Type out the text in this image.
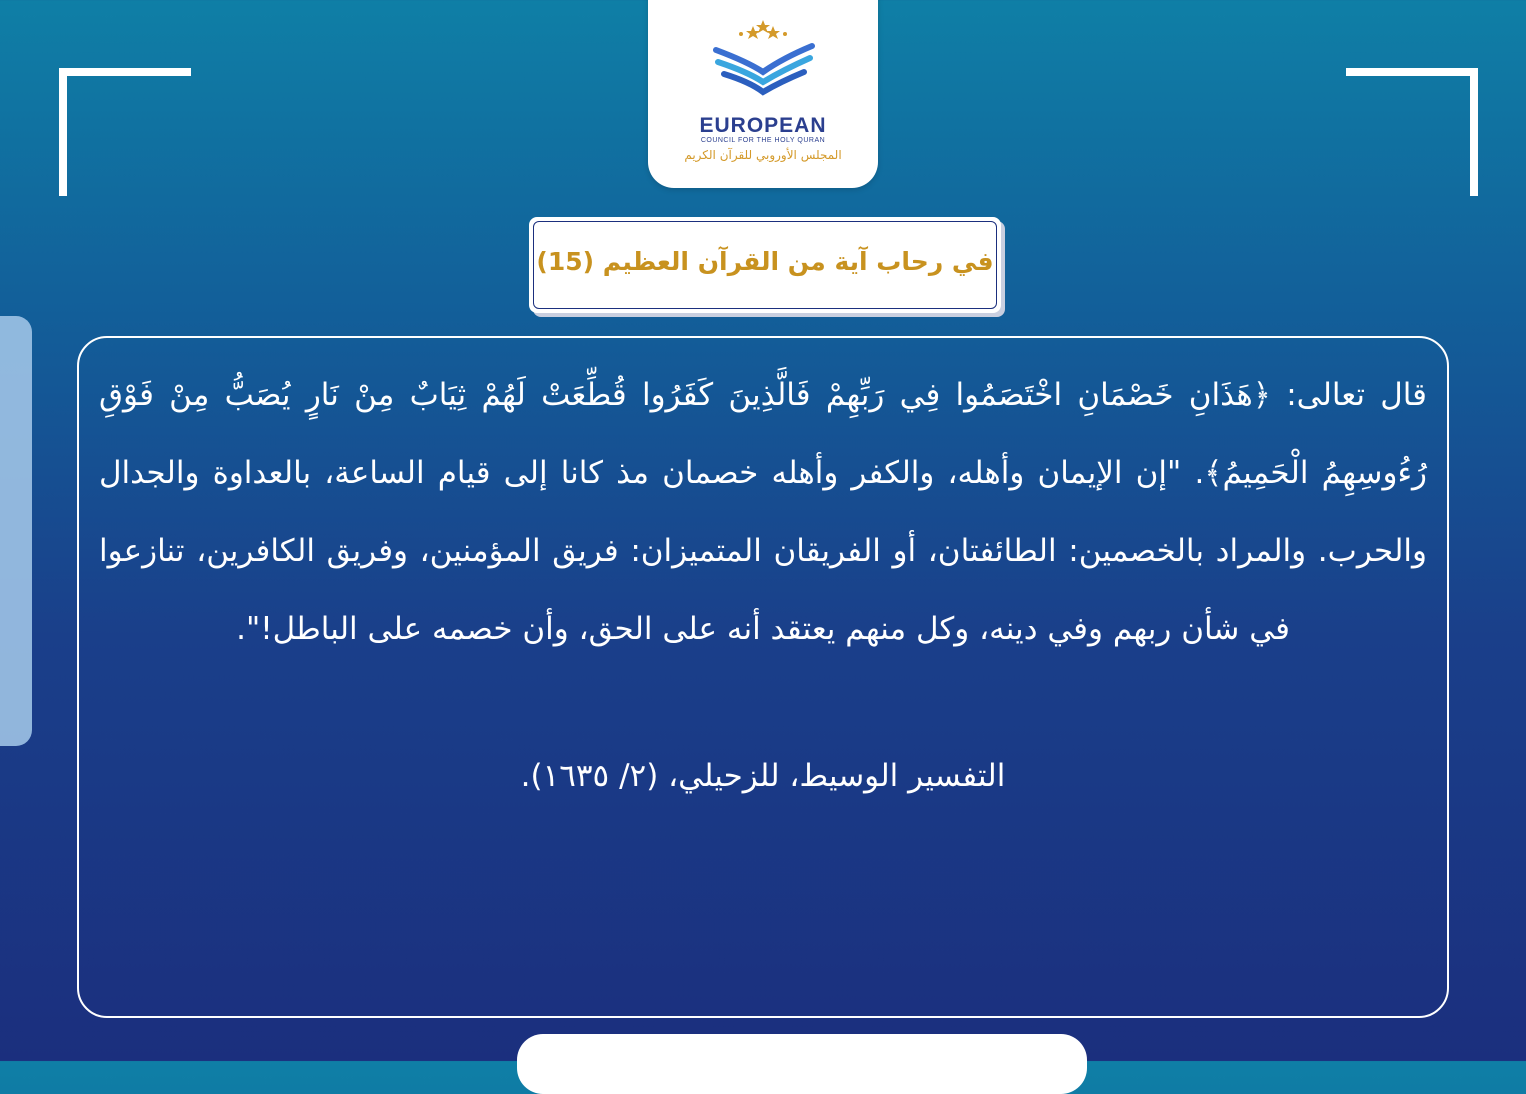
EUROPEAN
COUNCIL FOR THE HOLY QURAN
المجلس الأوروبي للقرآن الكريم
في رحاب آية من القرآن العظيم (15)
قال تعالى: ﴿هَذَانِ خَصْمَانِ اخْتَصَمُوا فِي رَبِّهِمْ فَالَّذِينَ كَفَرُوا قُطِّعَتْ لَهُمْ ثِيَابٌ مِنْ نَارٍ يُصَبُّ مِنْ فَوْقِ رُءُوسِهِمُ الْحَمِيمُ﴾. "إن الإيمان وأهله، والكفر وأهله خصمان مذ كانا إلى قيام الساعة، بالعداوة والجدال والحرب. والمراد بالخصمين: الطائفتان، أو الفريقان المتميزان: فريق المؤمنين، وفريق الكافرين، تنازعوا في شأن ربهم وفي دينه، وكل منهم يعتقد أنه على الحق، وأن خصمه على الباطل!".
التفسير الوسيط، للزحيلي، (٢/ ١٦٣٥).
